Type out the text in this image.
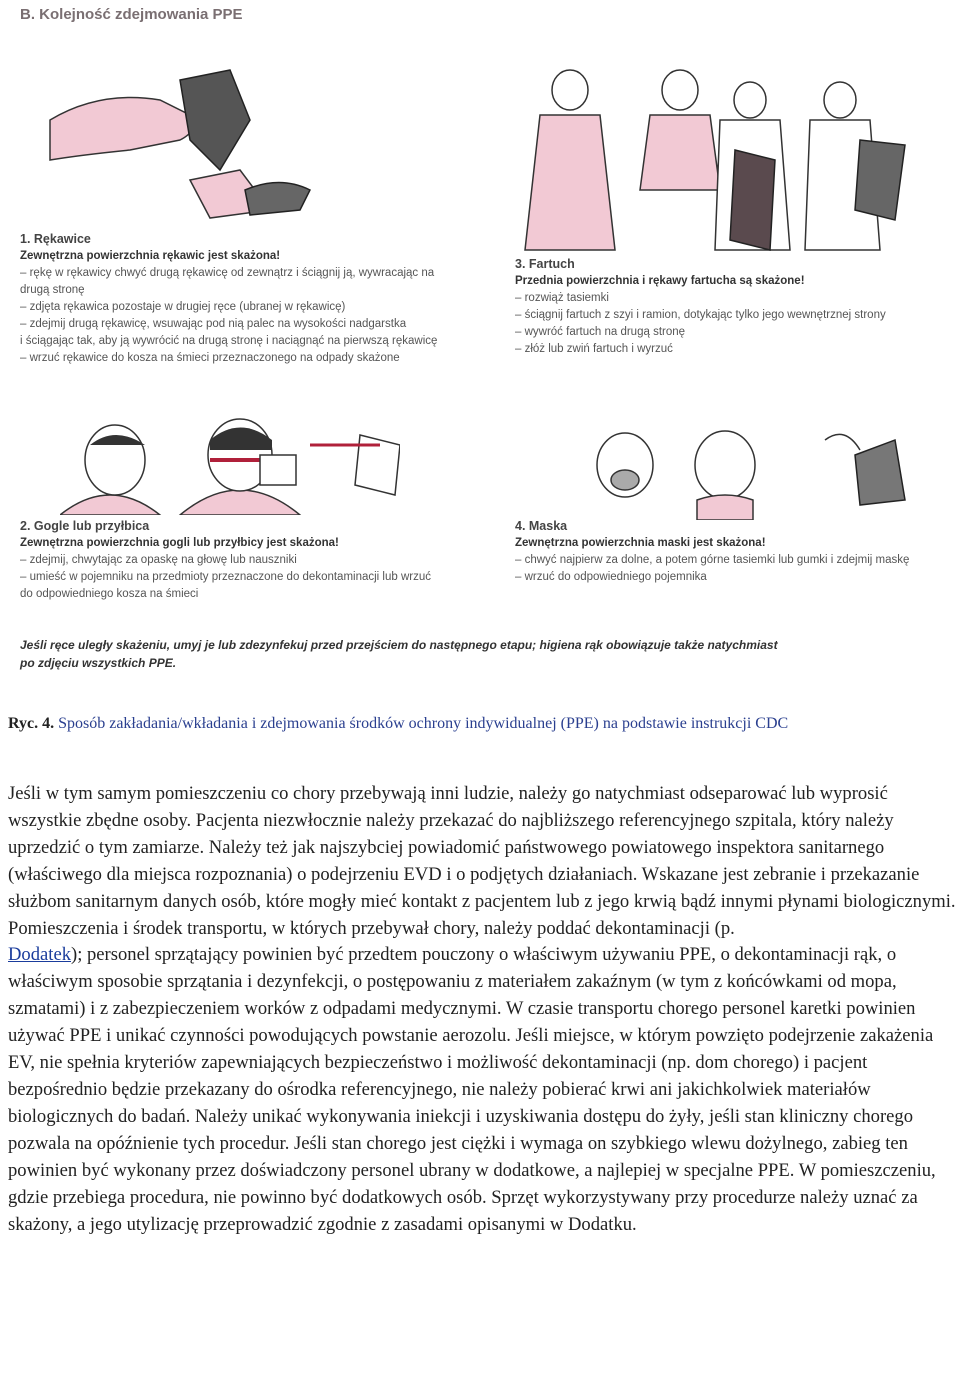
B. Kolejność zdejmowania PPE
1. Rękawice
Zewnętrzna powierzchnia rękawic jest skażona!
– rękę w rękawicy chwyć drugą rękawicę od zewnątrz i ściągnij ją, wywracając na
drugą stronę
– zdjęta rękawica pozostaje w drugiej ręce (ubranej w rękawicę)
– zdejmij drugą rękawicę, wsuwając pod nią palec na wysokości nadgarstka
i ściągając tak, aby ją wywrócić na drugą stronę i naciągnąć na pierwszą rękawicę
– wrzuć rękawice do kosza na śmieci przeznaczonego na odpady skażone
3. Fartuch
Przednia powierzchnia i rękawy fartucha są skażone!
– rozwiąż tasiemki
– ściągnij fartuch z szyi i ramion, dotykając tylko jego wewnętrznej strony
– wywróć fartuch na drugą stronę
– złóż lub zwiń fartuch i wyrzuć
2. Gogle lub przyłbica
Zewnętrzna powierzchnia gogli lub przyłbicy jest skażona!
– zdejmij, chwytając za opaskę na głowę lub nauszniki
– umieść w pojemniku na przedmioty przeznaczone do dekontaminacji lub wrzuć
do odpowiedniego kosza na śmieci
4. Maska
Zewnętrzna powierzchnia maski jest skażona!
– chwyć najpierw za dolne, a potem górne tasiemki lub gumki i zdejmij maskę
– wrzuć do odpowiedniego pojemnika
Jeśli ręce uległy skażeniu, umyj je lub zdezynfekuj przed przejściem do następnego etapu; higiena rąk obowiązuje także natychmiast
po zdjęciu wszystkich PPE.
Ryc. 4. Sposób zakładania/wkładania i zdejmowania środków ochrony indywidualnej (PPE) na podstawie instrukcji CDC

Jeśli w tym samym pomieszczeniu co chory przebywają inni ludzie, należy go natychmiast odseparować lub wyprosić wszystkie zbędne osoby. Pacjenta niezwłocznie należy przekazać do najbliższego referencyjnego szpitala, który należy uprzedzić o tym zamiarze. Należy też jak najszybciej powiadomić państwowego powiatowego inspektora sanitarnego (właściwego dla miejsca rozpoznania) o podejrzeniu EVD i o podjętych działaniach. Wskazane jest zebranie i przekazanie służbom sanitarnym danych osób, które mogły mieć kontakt z pacjentem lub z jego krwią bądź innymi płynami biologicznymi.

Pomieszczenia i środek transportu, w których przebywał chory, należy poddać dekontaminacji (p.
Dodatek); personel sprzątający powinien być przedtem pouczony o właściwym używaniu PPE, o dekontaminacji rąk, o właściwym sposobie sprzątania i dezynfekcji, o postępowaniu z materiałem zakaźnym (w tym z końcówkami od mopa, szmatami) i z zabezpieczeniem worków z odpadami medycznymi. W czasie transportu chorego personel karetki powinien używać PPE i unikać czynności powodujących powstanie aerozolu. Jeśli miejsce, w którym powzięto podejrzenie zakażenia EV, nie spełnia kryteriów zapewniających bezpieczeństwo i możliwość dekontaminacji (np. dom chorego) i pacjent bezpośrednio będzie przekazany do ośrodka referencyjnego, nie należy pobierać krwi ani jakichkolwiek materiałów biologicznych do badań. Należy unikać wykonywania iniekcji i uzyskiwania dostępu do żyły, jeśli stan kliniczny chorego pozwala na opóźnienie tych procedur. Jeśli stan chorego jest ciężki i wymaga on szybkiego wlewu dożylnego, zabieg ten powinien być wykonany przez doświadczony personel ubrany w dodatkowe, a najlepiej w specjalne PPE. W pomieszczeniu, gdzie przebiega procedura, nie powinno być dodatkowych osób. Sprzęt wykorzystywany przy procedurze należy uznać za skażony, a jego utylizację przeprowadzić zgodnie z zasadami opisanymi w Dodatku.
